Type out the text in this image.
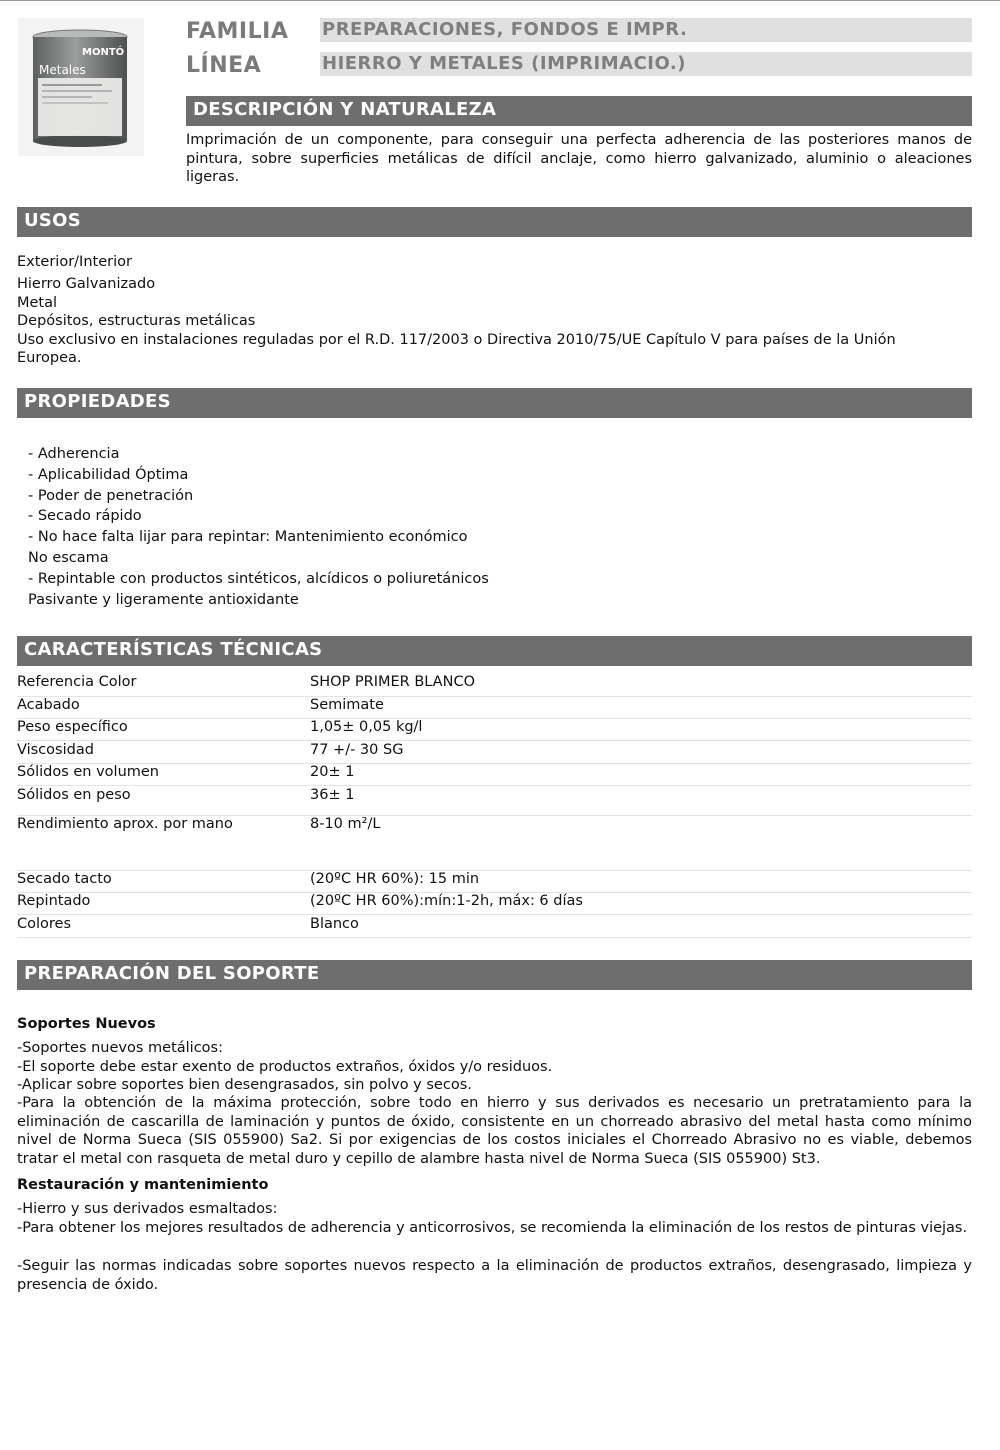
MONTÓ
Metales
FAMILIA PREPARACIONES, FONDOS E IMPR.
LÍNEA	HIERRO Y METALES (IMPRIMACIO.)
DESCRIPCIÓN Y NATURALEZA
Imprimación de un componente, para conseguir una perfecta adherencia de las posteriores manos de pintura, sobre superficies metálicas de difícil anclaje, como hierro galvanizado, aluminio o aleaciones ligeras.
USOS
Exterior/Interior
Hierro Galvanizado
Metal
Depósitos, estructuras metálicas
Uso exclusivo en instalaciones reguladas por el R.D. 117/2003 o Directiva 2010/75/UE Capítulo V para países de la Unión
Europea.
PROPIEDADES
- Adherencia
- Aplicabilidad Óptima
- Poder de penetración
- Secado rápido
- No hace falta lijar para repintar: Mantenimiento económico
No escama
- Repintable con productos sintéticos, alcídicos o poliuretánicos
Pasivante y ligeramente antioxidante
CARACTERÍSTICAS TÉCNICAS
Referencia Color	SHOP PRIMER BLANCO
Acabado	Semimate
Peso específico	1,05± 0,05 kg/l
Viscosidad	77 +/- 30 SG
Sólidos en volumen	20± 1
Sólidos en peso	36± 1
Rendimiento aprox. por mano	8-10 m²/L
Secado tacto	(20ºC HR 60%): 15 min
Repintado	(20ºC HR 60%):mín:1-2h, máx: 6 días
Colores	Blanco
PREPARACIÓN DEL SOPORTE
Soportes Nuevos
-Soportes nuevos metálicos:
-El soporte debe estar exento de productos extraños, óxidos y/o residuos.
-Aplicar sobre soportes bien desengrasados, sin polvo y secos.
-Para la obtención de la máxima protección, sobre todo en hierro y sus derivados es necesario un pretratamiento para la eliminación de cascarilla de laminación y puntos de óxido, consistente en un chorreado abrasivo del metal hasta como mínimo nivel de Norma Sueca (SIS 055900) Sa2. Si por exigencias de los costos iniciales el Chorreado Abrasivo no es viable, debemos tratar el metal con rasqueta de metal duro y cepillo de alambre hasta nivel de Norma Sueca (SIS 055900) St3.
Restauración y mantenimiento
-Hierro y sus derivados esmaltados:
-Para obtener los mejores resultados de adherencia y anticorrosivos, se recomienda la eliminación de los restos de pinturas viejas.
-Seguir las normas indicadas sobre soportes nuevos respecto a la eliminación de productos extraños, desengrasado, limpieza y presencia de óxido.
